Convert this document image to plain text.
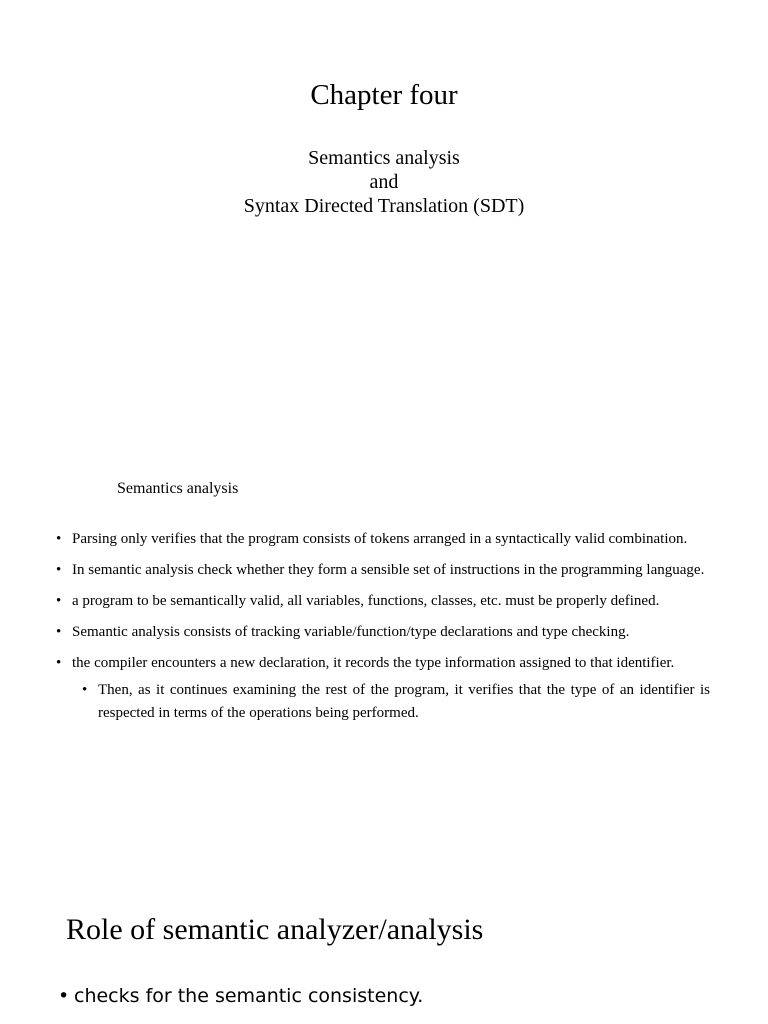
Chapter four
Semantics analysis
and
Syntax Directed Translation (SDT)
Semantics analysis
• Parsing only verifies that the program consists of tokens arranged in a syntactically valid combination.
• In semantic analysis check whether they form a sensible set of instructions in the programming language.
• a program to be semantically valid, all variables, functions, classes, etc. must be properly defined.
• Semantic analysis consists of tracking variable/function/type declarations and type checking.
• the compiler encounters a new declaration, it records the type information assigned to that identifier.
• Then, as it continues examining the rest of the program, it verifies that the type of an identifier is respected in terms of the operations being performed.
Role of semantic analyzer/analysis
• checks for the semantic consistency.
